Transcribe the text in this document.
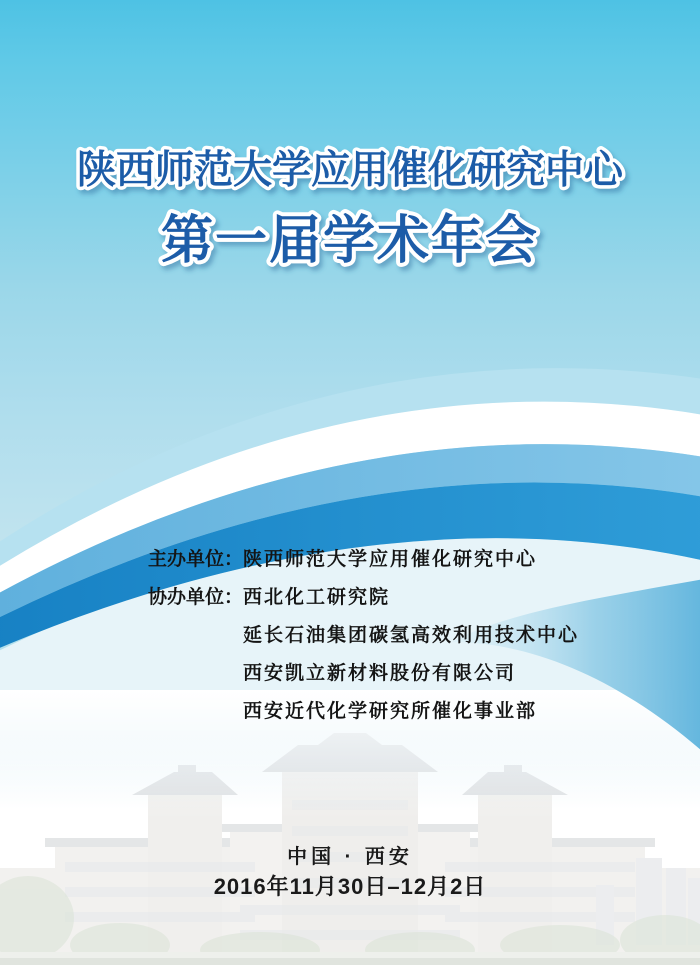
陕西师范大学应用催化研究中心
第一届学术年会
主办单位： 陕西师范大学应用催化研究中心
协办单位： 西北化工研究院
延长石油集团碳氢高效利用技术中心
西安凯立新材料股份有限公司
西安近代化学研究所催化事业部
中国 · 西安
2016年11月30日–12月2日
